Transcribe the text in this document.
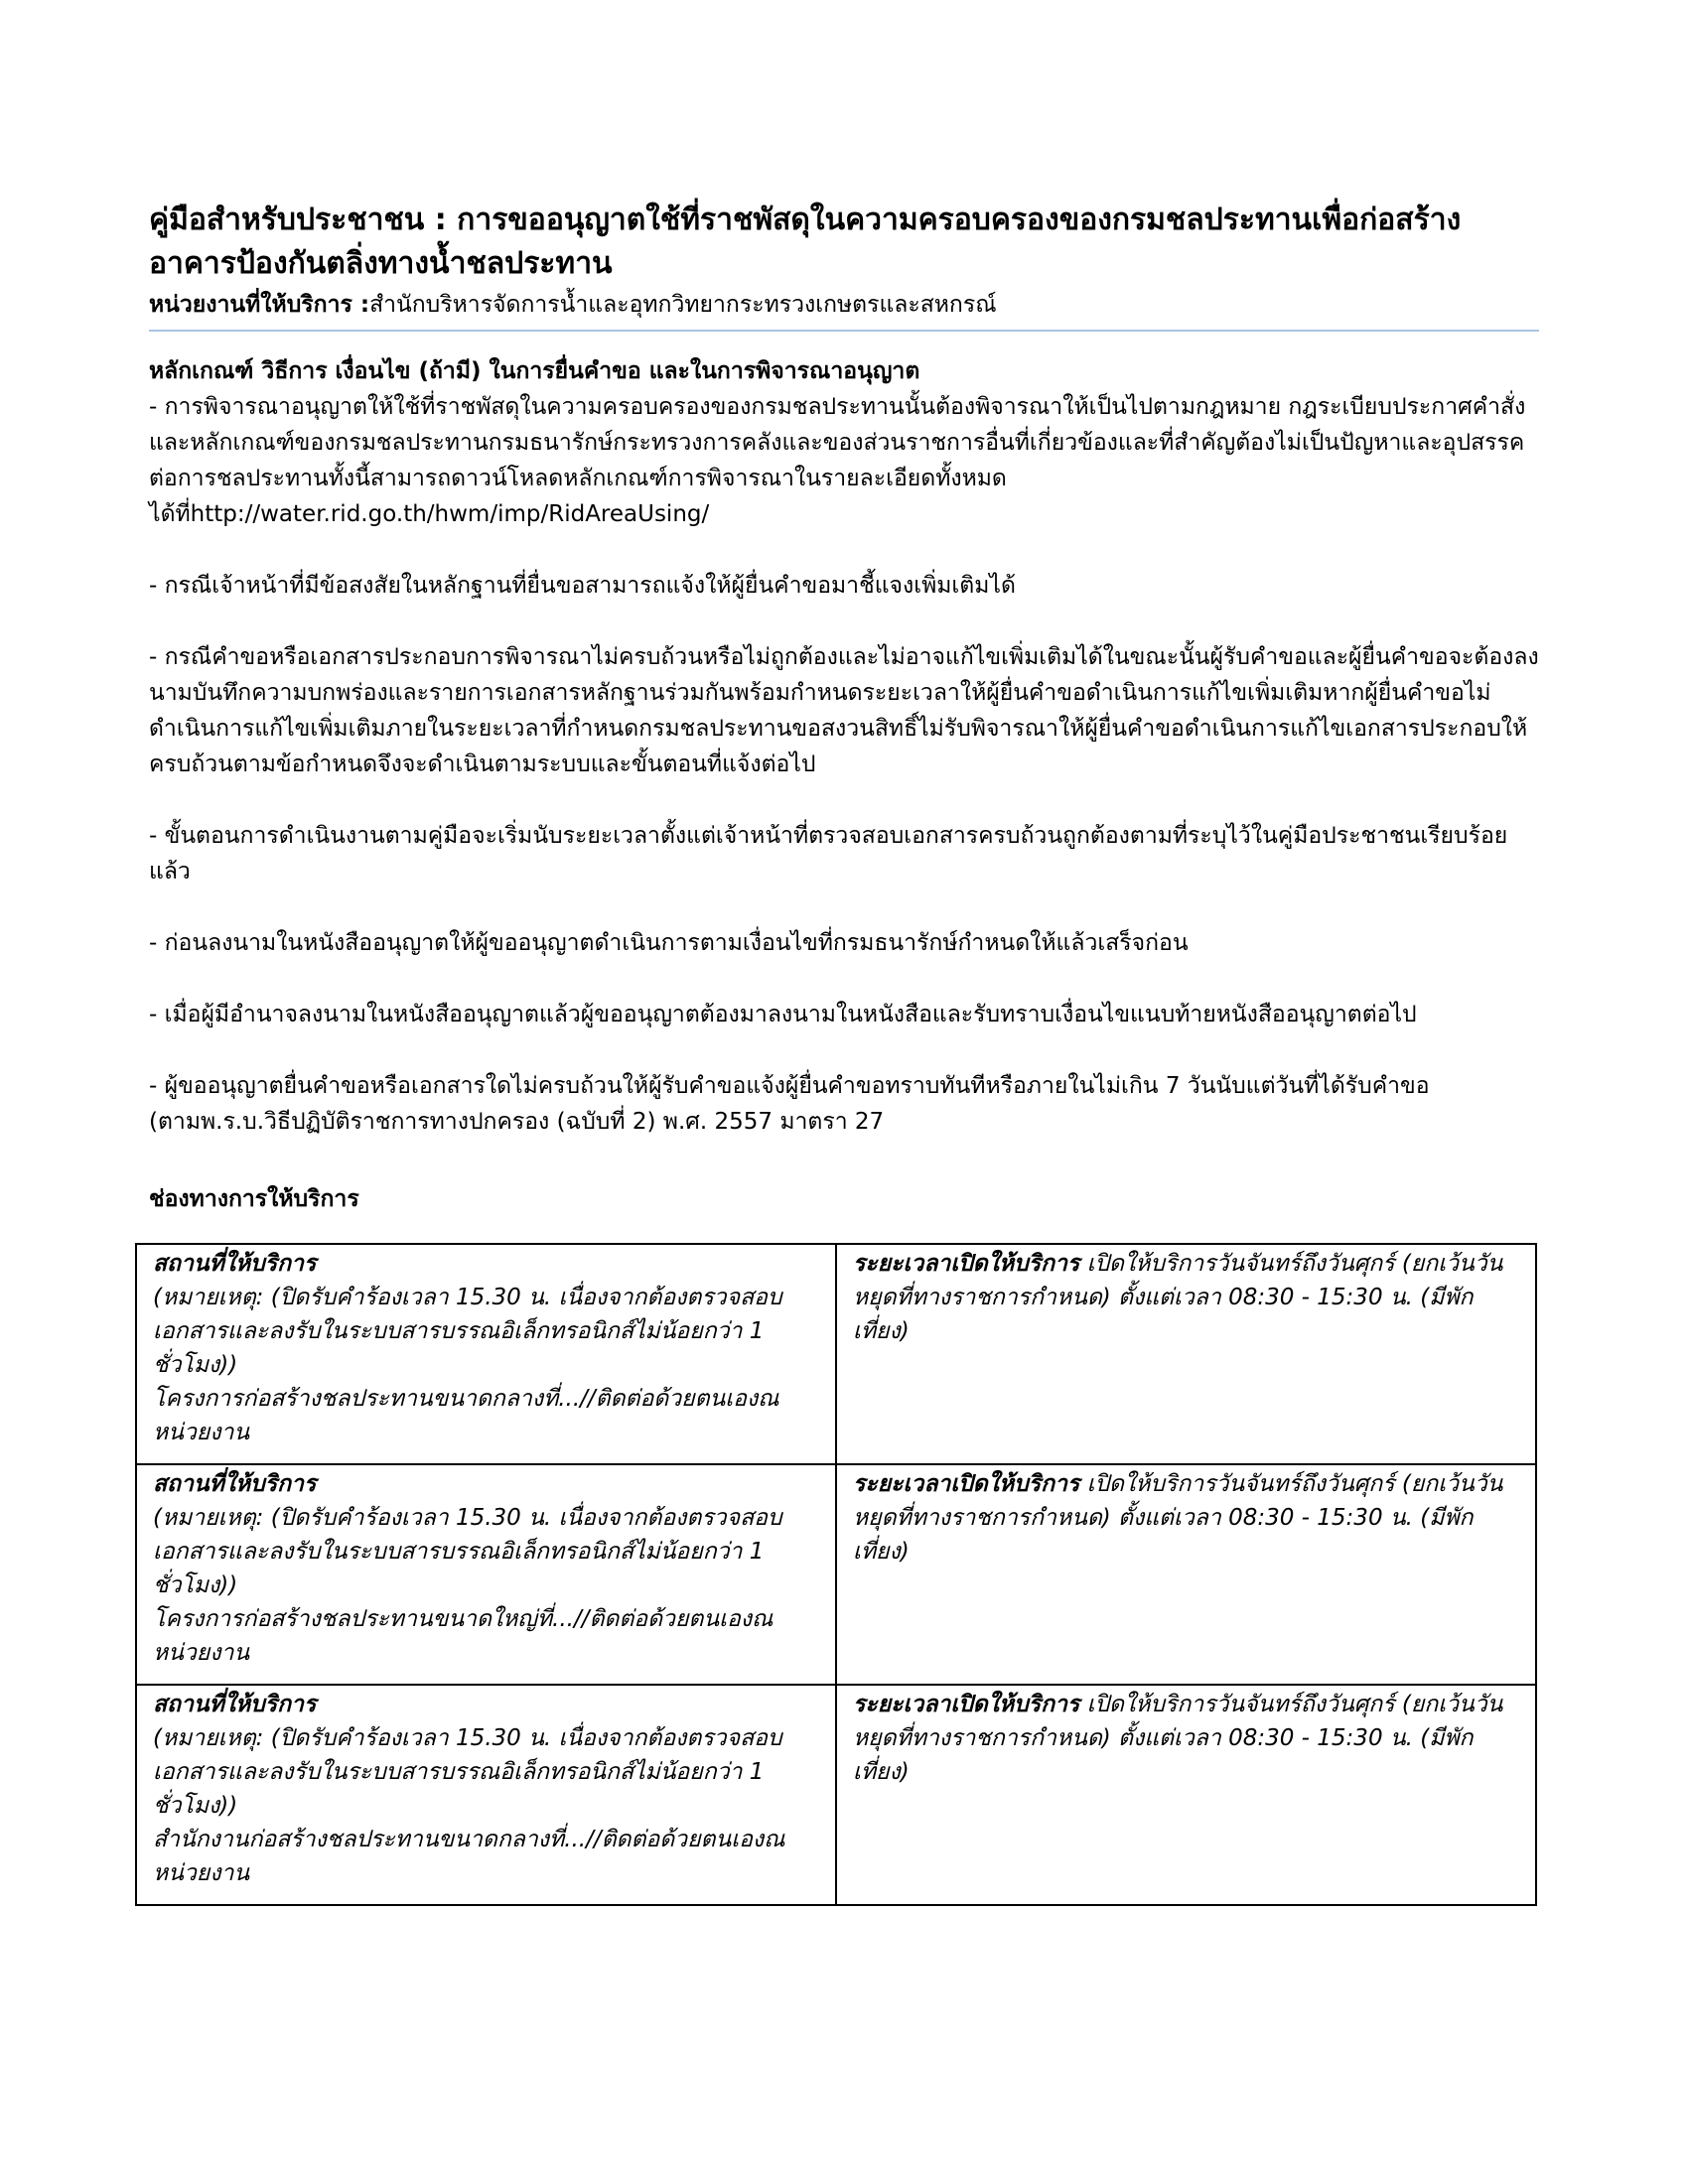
คู่มือสำหรับประชาชน : การขออนุญาตใช้ที่ราชพัสดุในความครอบครองของกรมชลประทานเพื่อก่อสร้างอาคารป้องกันตลิ่งทางน้ำชลประทาน
หน่วยงานที่ให้บริการ :สำนักบริหารจัดการน้ำและอุทกวิทยากระทรวงเกษตรและสหกรณ์
หลักเกณฑ์ วิธีการ เงื่อนไข (ถ้ามี) ในการยื่นคำขอ และในการพิจารณาอนุญาต

- การพิจารณาอนุญาตให้ใช้ที่ราชพัสดุในความครอบครองของกรมชลประทานนั้นต้องพิจารณาให้เป็นไปตามกฎหมาย กฎระเบียบประกาศคำสั่งและหลักเกณฑ์ของกรมชลประทานกรมธนารักษ์กระทรวงการคลังและของส่วนราชการอื่นที่เกี่ยวข้องและที่สำคัญต้องไม่เป็นปัญหาและอุปสรรคต่อการชลประทานทั้งนี้สามารถดาวน์โหลดหลักเกณฑ์การพิจารณาในรายละเอียดทั้งหมดได้ที่http://water.rid.go.th/hwm/imp/RidAreaUsing/

- กรณีเจ้าหน้าที่มีข้อสงสัยในหลักฐานที่ยื่นขอสามารถแจ้งให้ผู้ยื่นคำขอมาชี้แจงเพิ่มเติมได้

- กรณีคำขอหรือเอกสารประกอบการพิจารณาไม่ครบถ้วนหรือไม่ถูกต้องและไม่อาจแก้ไขเพิ่มเติมได้ในขณะนั้นผู้รับคำขอและผู้ยื่นคำขอจะต้องลงนามบันทึกความบกพร่องและรายการเอกสารหลักฐานร่วมกันพร้อมกำหนดระยะเวลาให้ผู้ยื่นคำขอดำเนินการแก้ไขเพิ่มเติมหากผู้ยื่นคำขอไม่ดำเนินการแก้ไขเพิ่มเติมภายในระยะเวลาที่กำหนดกรมชลประทานขอสงวนสิทธิ์ไม่รับพิจารณาให้ผู้ยื่นคำขอดำเนินการแก้ไขเอกสารประกอบให้ครบถ้วนตามข้อกำหนดจึงจะดำเนินตามระบบและขั้นตอนที่แจ้งต่อไป

- ขั้นตอนการดำเนินงานตามคู่มือจะเริ่มนับระยะเวลาตั้งแต่เจ้าหน้าที่ตรวจสอบเอกสารครบถ้วนถูกต้องตามที่ระบุไว้ในคู่มือประชาชนเรียบร้อยแล้ว

- ก่อนลงนามในหนังสืออนุญาตให้ผู้ขออนุญาตดำเนินการตามเงื่อนไขที่กรมธนารักษ์กำหนดให้แล้วเสร็จก่อน

- เมื่อผู้มีอำนาจลงนามในหนังสืออนุญาตแล้วผู้ขออนุญาตต้องมาลงนามในหนังสือและรับทราบเงื่อนไขแนบท้ายหนังสืออนุญาตต่อไป

- ผู้ขออนุญาตยื่นคำขอหรือเอกสารใดไม่ครบถ้วนให้ผู้รับคำขอแจ้งผู้ยื่นคำขอทราบทันทีหรือภายในไม่เกิน 7 วันนับแต่วันที่ได้รับคำขอ (ตามพ.ร.บ.วิธีปฏิบัติราชการทางปกครอง (ฉบับที่ 2) พ.ศ. 2557 มาตรา 27

ช่องทางการให้บริการ
สถานที่ให้บริการ
(หมายเหตุ: (ปิดรับคำร้องเวลา 15.30 น. เนื่องจากต้องตรวจสอบเอกสารและลงรับในระบบสารบรรณอิเล็กทรอนิกส์ไม่น้อยกว่า 1 ชั่วโมง))
โครงการก่อสร้างชลประทานขนาดกลางที่...//ติดต่อด้วยตนเองณหน่วยงาน	ระยะเวลาเปิดให้บริการ เปิดให้บริการวันจันทร์ถึงวันศุกร์ (ยกเว้นวันหยุดที่ทางราชการกำหนด) ตั้งแต่เวลา 08:30 - 15:30 น. (มีพักเที่ยง)

สถานที่ให้บริการ
(หมายเหตุ: (ปิดรับคำร้องเวลา 15.30 น. เนื่องจากต้องตรวจสอบเอกสารและลงรับในระบบสารบรรณอิเล็กทรอนิกส์ไม่น้อยกว่า 1 ชั่วโมง))
โครงการก่อสร้างชลประทานขนาดใหญ่ที่...//ติดต่อด้วยตนเองณหน่วยงาน	ระยะเวลาเปิดให้บริการ เปิดให้บริการวันจันทร์ถึงวันศุกร์ (ยกเว้นวันหยุดที่ทางราชการกำหนด) ตั้งแต่เวลา 08:30 - 15:30 น. (มีพักเที่ยง)

สถานที่ให้บริการ
(หมายเหตุ: (ปิดรับคำร้องเวลา 15.30 น. เนื่องจากต้องตรวจสอบเอกสารและลงรับในระบบสารบรรณอิเล็กทรอนิกส์ไม่น้อยกว่า 1 ชั่วโมง))
สำนักงานก่อสร้างชลประทานขนาดกลางที่...//ติดต่อด้วยตนเองณหน่วยงาน	ระยะเวลาเปิดให้บริการ เปิดให้บริการวันจันทร์ถึงวันศุกร์ (ยกเว้นวันหยุดที่ทางราชการกำหนด) ตั้งแต่เวลา 08:30 - 15:30 น. (มีพักเที่ยง)
